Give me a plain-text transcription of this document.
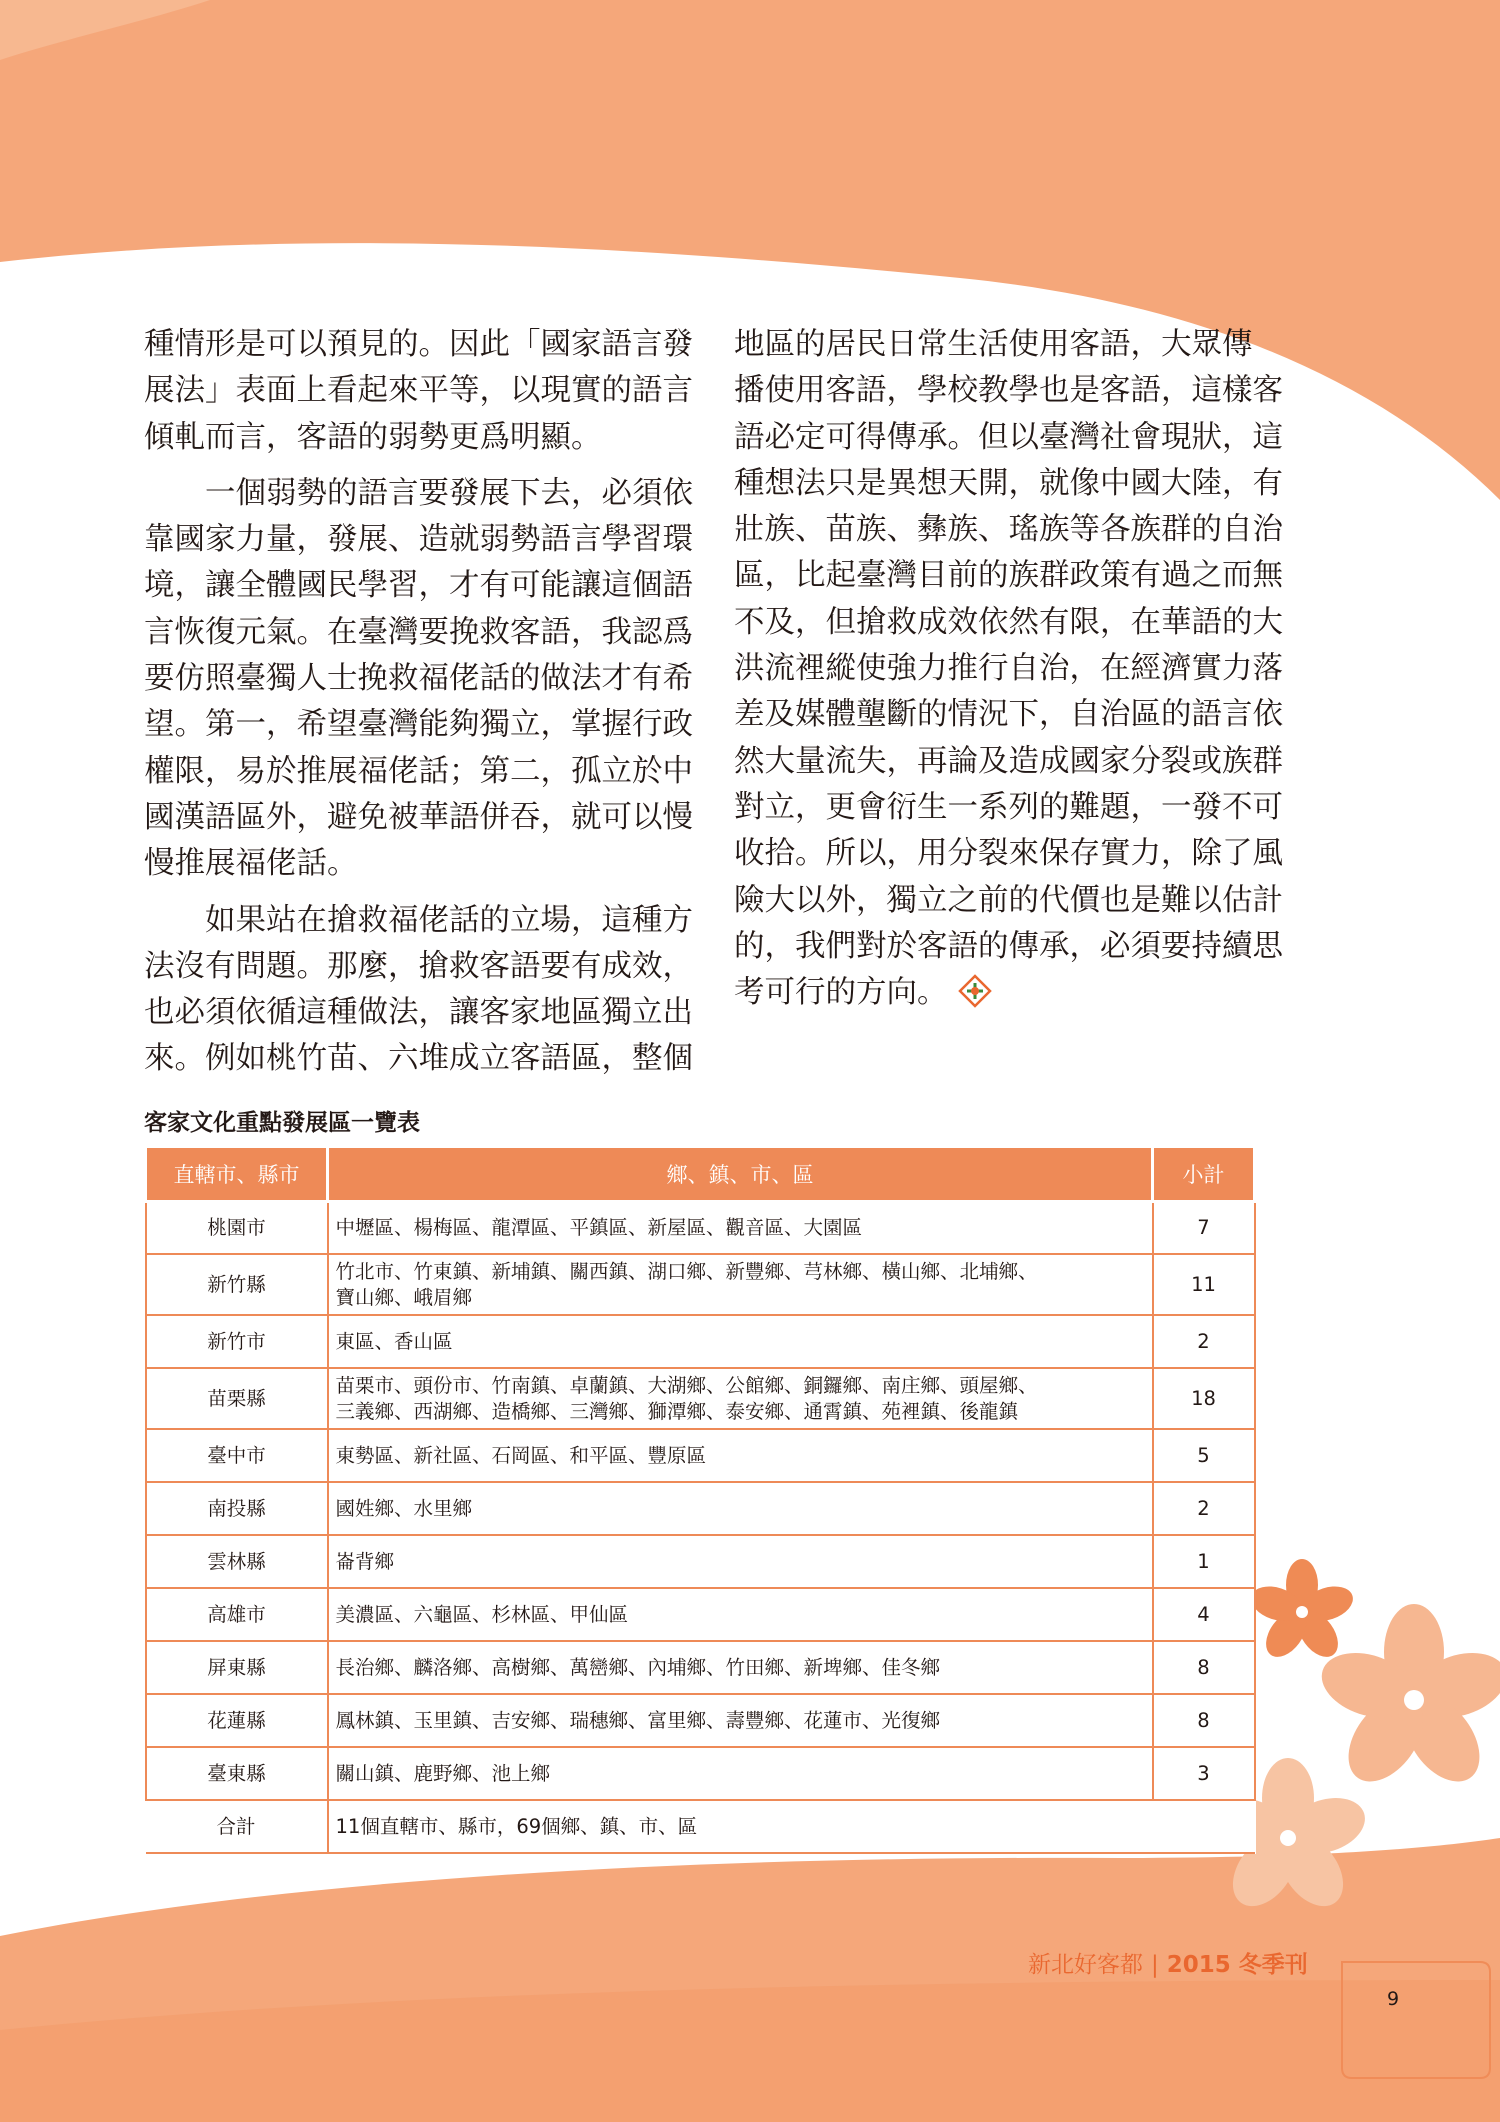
種情形是可以預見的。因此「國家語言發
展法」表面上看起來平等，以現實的語言
傾軋而言，客語的弱勢更爲明顯。

一個弱勢的語言要發展下去，必須依
靠國家力量，發展、造就弱勢語言學習環
境，讓全體國民學習，才有可能讓這個語
言恢復元氣。在臺灣要挽救客語，我認爲
要仿照臺獨人士挽救福佬話的做法才有希
望。第一，希望臺灣能夠獨立，掌握行政
權限，易於推展福佬話；第二，孤立於中
國漢語區外，避免被華語併吞，就可以慢
慢推展福佬話。

如果站在搶救福佬話的立場，這種方
法沒有問題。那麼，搶救客語要有成效，
也必須依循這種做法，讓客家地區獨立出
來。例如桃竹苗、六堆成立客語區，整個

地區的居民日常生活使用客語，大眾傳
播使用客語，學校教學也是客語，這樣客
語必定可得傳承。但以臺灣社會現狀，這
種想法只是異想天開，就像中國大陸，有
壯族、苗族、彝族、瑤族等各族群的自治
區，比起臺灣目前的族群政策有過之而無
不及，但搶救成效依然有限，在華語的大
洪流裡縱使強力推行自治，在經濟實力落
差及媒體壟斷的情況下，自治區的語言依
然大量流失，再論及造成國家分裂或族群
對立，更會衍生一系列的難題，一發不可
收拾。所以，用分裂來保存實力，除了風
險大以外，獨立之前的代價也是難以估計
的，我們對於客語的傳承，必須要持續思
考可行的方向。

客家文化重點發展區一覽表
直轄市、縣市	鄉、鎮、市、區	小計
桃園市	中壢區、楊梅區、龍潭區、平鎮區、新屋區、觀音區、大園區	7
新竹縣	竹北市、竹東鎮、新埔鎮、關西鎮、湖口鄉、新豐鄉、芎林鄉、橫山鄉、北埔鄉、
寶山鄉、峨眉鄉	11
新竹市	東區、香山區	2
苗栗縣	苗栗市、頭份市、竹南鎮、卓蘭鎮、大湖鄉、公館鄉、銅鑼鄉、南庄鄉、頭屋鄉、
三義鄉、西湖鄉、造橋鄉、三灣鄉、獅潭鄉、泰安鄉、通霄鎮、苑裡鎮、後龍鎮	18
臺中市	東勢區、新社區、石岡區、和平區、豐原區	5
南投縣	國姓鄉、水里鄉	2
雲林縣	崙背鄉	1
高雄市	美濃區、六龜區、杉林區、甲仙區	4
屏東縣	長治鄉、麟洛鄉、高樹鄉、萬巒鄉、內埔鄉、竹田鄉、新埤鄉、佳冬鄉	8
花蓮縣	鳳林鎮、玉里鎮、吉安鄉、瑞穗鄉、富里鄉、壽豐鄉、花蓮市、光復鄉	8
臺東縣	關山鎮、鹿野鄉、池上鄉	3
合計	11個直轄市、縣市，69個鄉、鎮、市、區	
新北好客都 | 2015 冬季刊
9
